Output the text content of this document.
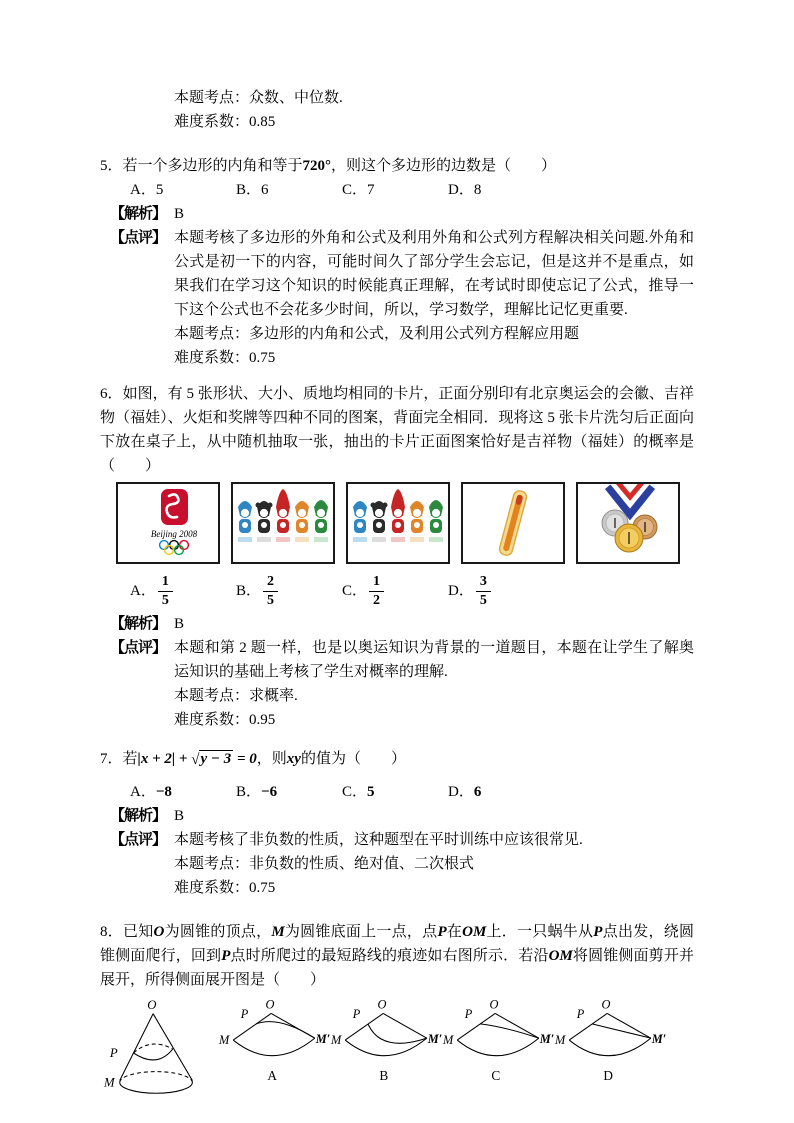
本题考点：众数、中位数.
难度系数：0.85
5．若一个多边形的内角和等于720°，则这个多边形的边数是（　　）
A．5	B．6	C．7	D．8
【解析】 B
【点评】 本题考核了多边形的外角和公式及利用外角和公式列方程解决相关问题.外角和公式是初一下的内容，可能时间久了部分学生会忘记，但是这并不是重点，如果我们在学习这个知识的时候能真正理解，在考试时即使忘记了公式，推导一下这个公式也不会花多少时间，所以，学习数学，理解比记忆更重要.
本题考点：多边形的内角和公式，及利用公式列方程解应用题
难度系数：0.75
6．如图，有 5 张形状、大小、质地均相同的卡片，正面分别印有北京奥运会的会徽、吉祥物（福娃）、火炬和奖牌等四种不同的图案，背面完全相同．现将这 5 张卡片洗匀后正面向下放在桌子上，从中随机抽取一张，抽出的卡片正面图案恰好是吉祥物（福娃）的概率是（　　）
Beijing 2008
A． $\frac{1}{5}$	B． $\frac{2}{5}$	C． $\frac{1}{2}$	D． $\frac{3}{5}$
【解析】 B
【点评】 本题和第 2 题一样，也是以奥运知识为背景的一道题目，本题在让学生了解奥运知识的基础上考核了学生对概率的理解.
本题考点：求概率.
难度系数：0.95
7．若|x + 2| + √y − 3 = 0，则xy的值为（　　）
A．−8	B．−6	C．5	D．6
【解析】 B
【点评】 本题考核了非负数的性质，这种题型在平时训练中应该很常见.
本题考点：非负数的性质、绝对值、二次根式
难度系数：0.75
8．已知O为圆锥的顶点，M为圆锥底面上一点，点P在OM上．一只蜗牛从P点出发，绕圆锥侧面爬行，回到P点时所爬过的最短路线的痕迹如右图所示．若沿OM将圆锥侧面剪开并展开，所得侧面展开图是（　　）
O
P
M
O
P
M	M′
A
O
P
M	M′
B
O
P
M	M′
C
O
P
M	M′
D
